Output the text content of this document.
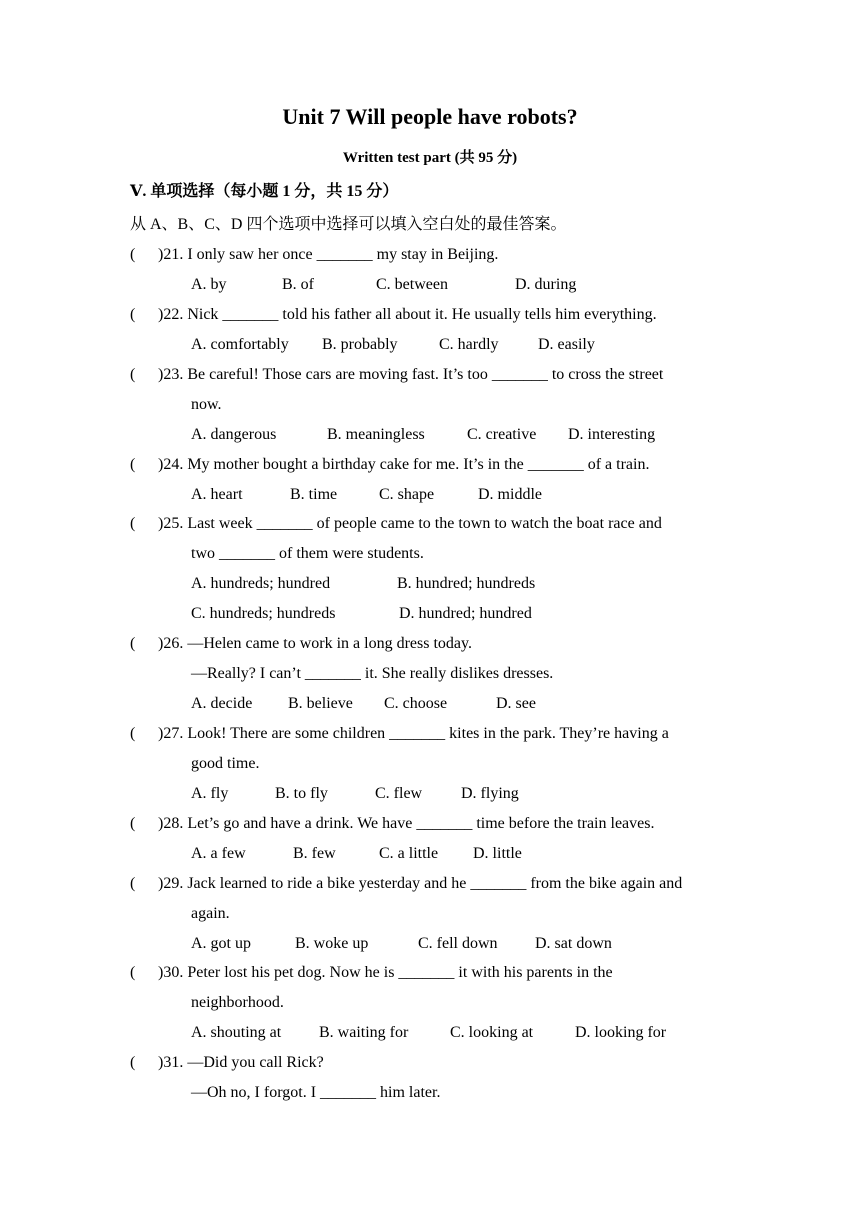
Unit 7 Will people have robots?
Written test part (共 95 分)
Ⅴ. 单项选择（每小题 1 分，共 15 分）
从 A、B、C、D 四个选项中选择可以填入空白处的最佳答案。
( )21. I only saw her once _______ my stay in Beijing.
A. by	B. of	C. between	D. during
( )22. Nick _______ told his father all about it. He usually tells him everything.
A. comfortably B. probably	C. hardly D. easily
( )23. Be careful! Those cars are moving fast. It’s too _______ to cross the street
now.
A. dangerous	B. meaningless	C. creative D. interesting
( )24. My mother bought a birthday cake for me. It’s in the _______ of a train.
A. heart	B. time	C. shape	D. middle
( )25. Last week _______ of people came to the town to watch the boat race and
two _______ of them were students.
A. hundreds; hundred	B. hundred; hundreds
C. hundreds; hundreds	D. hundred; hundred
( )26. —Helen came to work in a long dress today.
—Really? I can’t _______ it. She really dislikes dresses.
A. decide B. believe C. choose	D. see
( )27. Look! There are some children _______ kites in the park. They’re having a
good time.
A. fly	B. to fly	C. flew D. flying
( )28. Let’s go and have a drink. We have _______ time before the train leaves.
A. a few	B. few	C. a little D. little
( )29. Jack learned to ride a bike yesterday and he _______ from the bike again and
again.
A. got up	B. woke up	C. fell down D. sat down
( )30. Peter lost his pet dog. Now he is _______ it with his parents in the
neighborhood.
A. shouting at B. waiting for	C. looking at	D. looking for
( )31. —Did you call Rick?
—Oh no, I forgot. I _______ him later.
